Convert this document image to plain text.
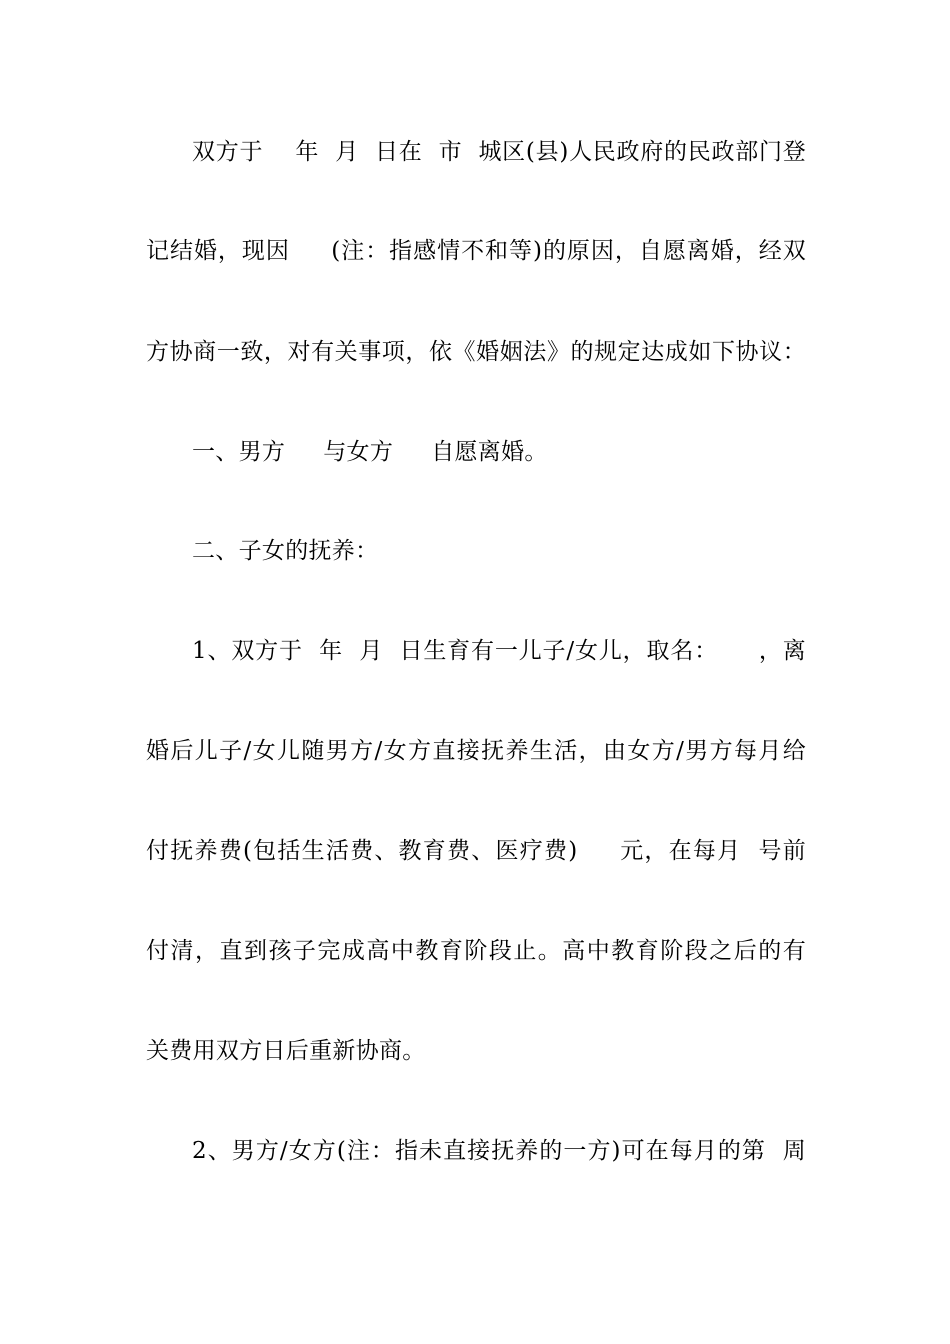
双方于    年  月  日在  市  城区(县)人民政府的民政部门登
记结婚，现因     (注：指感情不和等)的原因，自愿离婚，经双
方协商一致，对有关事项，依《婚姻法》的规定达成如下协议：
一、男方     与女方     自愿离婚。
二、子女的抚养：
1、双方于  年  月  日生育有一儿子/女儿，取名：     ，离
婚后儿子/女儿随男方/女方直接抚养生活，由女方/男方每月给
付抚养费(包括生活费、教育费、医疗费)     元，在每月  号前
付清，直到孩子完成高中教育阶段止。高中教育阶段之后的有
关费用双方日后重新协商。
2、男方/女方(注：指未直接抚养的一方)可在每月的第  周
